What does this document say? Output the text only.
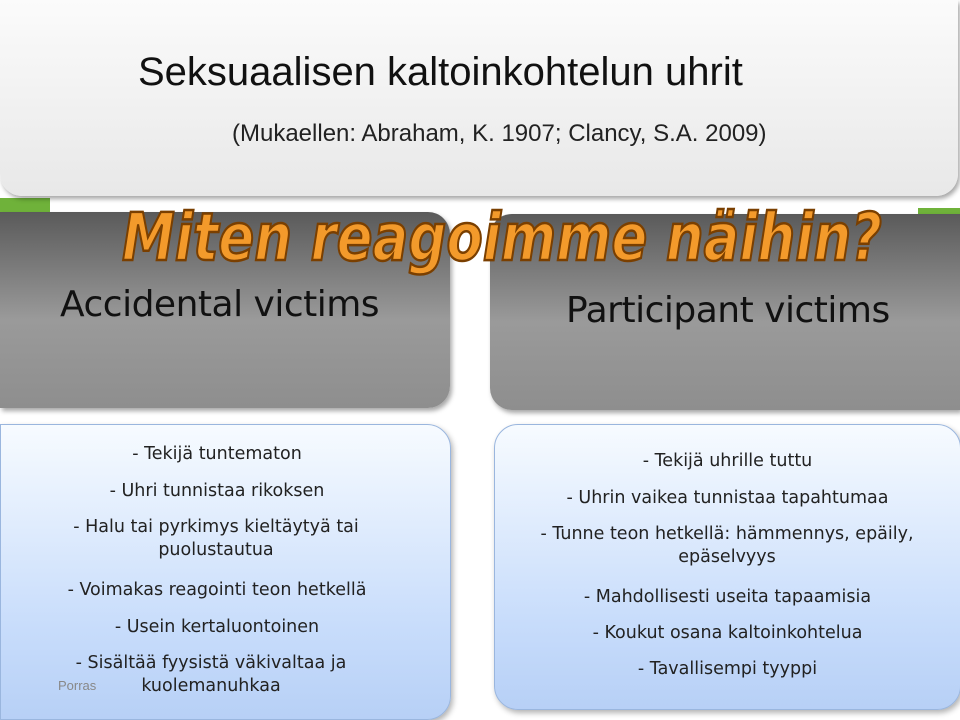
Seksuaalisen kaltoinkohtelun uhrit
(Mukaellen: Abraham, K. 1907; Clancy, S.A. 2009)
Accidental victims	Participant victims
Miten reagoimme näihin?
- Tekijä tuntematon
- Uhri tunnistaa rikoksen
- Halu tai pyrkimys kieltäytyä tai puolustautua
- Voimakas reagointi teon hetkellä
- Usein kertaluontoinen
- Sisältää fyysistä väkivaltaa ja kuolemanuhkaa
Porras
- Tekijä uhrille tuttu
- Uhrin vaikea tunnistaa tapahtumaa
- Tunne teon hetkellä: hämmennys, epäily, epäselvyys
- Mahdollisesti useita tapaamisia
- Koukut osana kaltoinkohtelua
- Tavallisempi tyyppi
